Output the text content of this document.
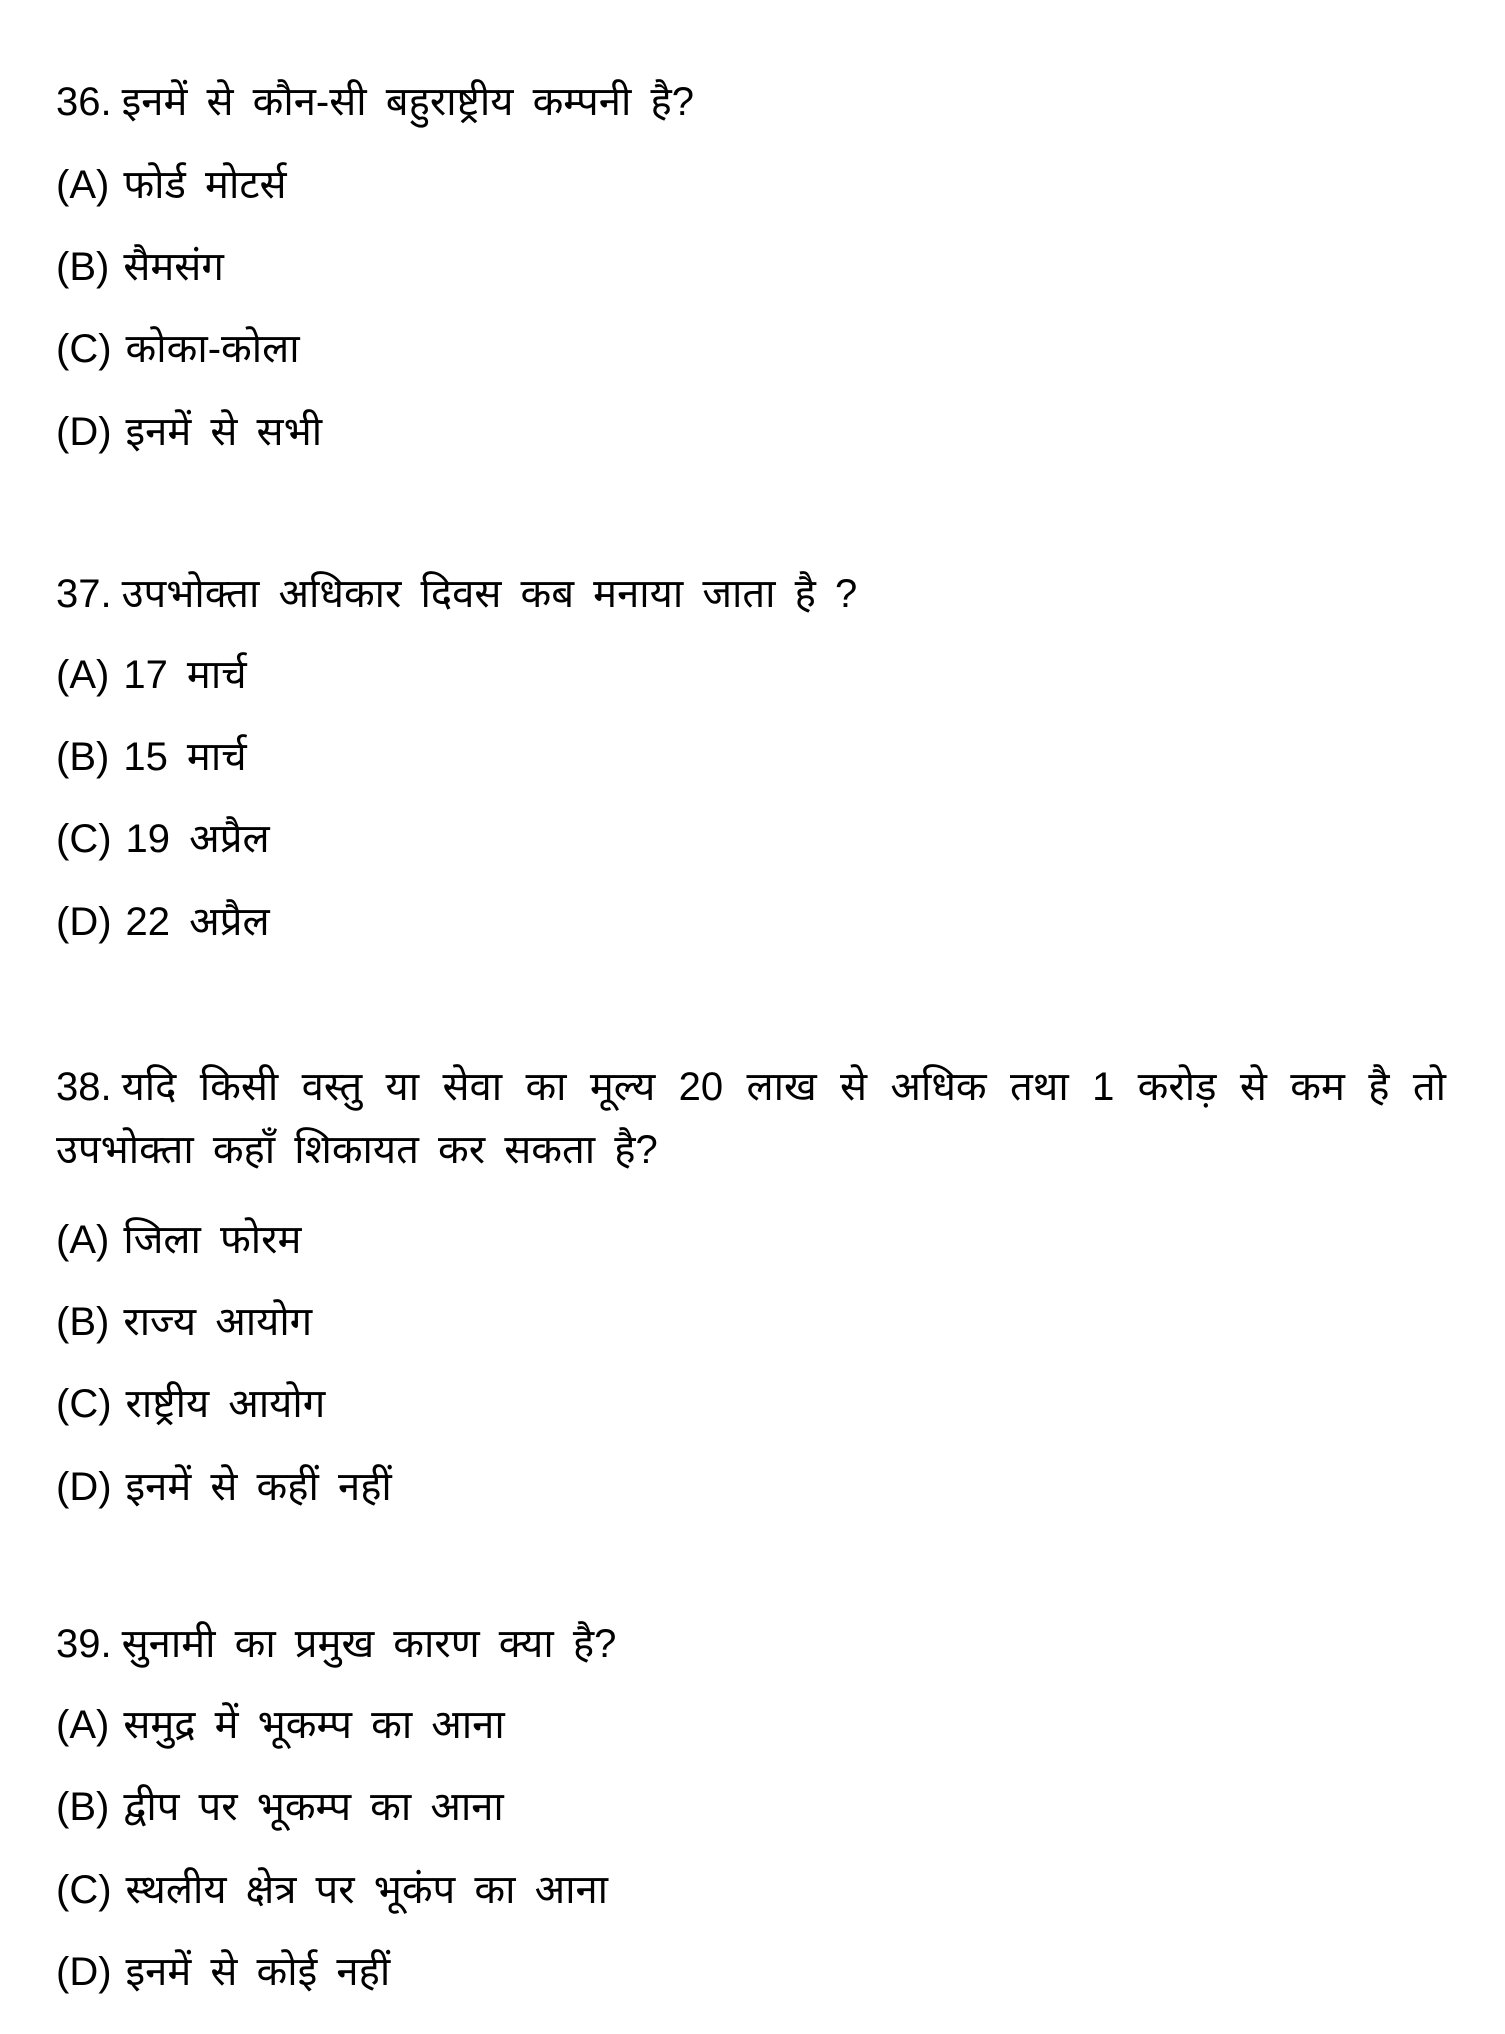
36. इनमें से कौन-सी बहुराष्ट्रीय कम्पनी है?
(A) फोर्ड मोटर्स
(B) सैमसंग
(C) कोका-कोला
(D) इनमें से सभी
37. उपभोक्ता अधिकार दिवस कब मनाया जाता है ?
(A) 17 मार्च
(B) 15 मार्च
(C) 19 अप्रैल
(D) 22 अप्रैल
38. यदि किसी वस्तु या सेवा का मूल्य 20 लाख से अधिक तथा 1 करोड़ से कम है तो
उपभोक्ता कहाँ शिकायत कर सकता है?
(A) जिला फोरम
(B) राज्य आयोग
(C) राष्ट्रीय आयोग
(D) इनमें से कहीं नहीं
39. सुनामी का प्रमुख कारण क्या है?
(A) समुद्र में भूकम्प का आना
(B) द्वीप पर भूकम्प का आना
(C) स्थलीय क्षेत्र पर भूकंप का आना
(D) इनमें से कोई नहीं
